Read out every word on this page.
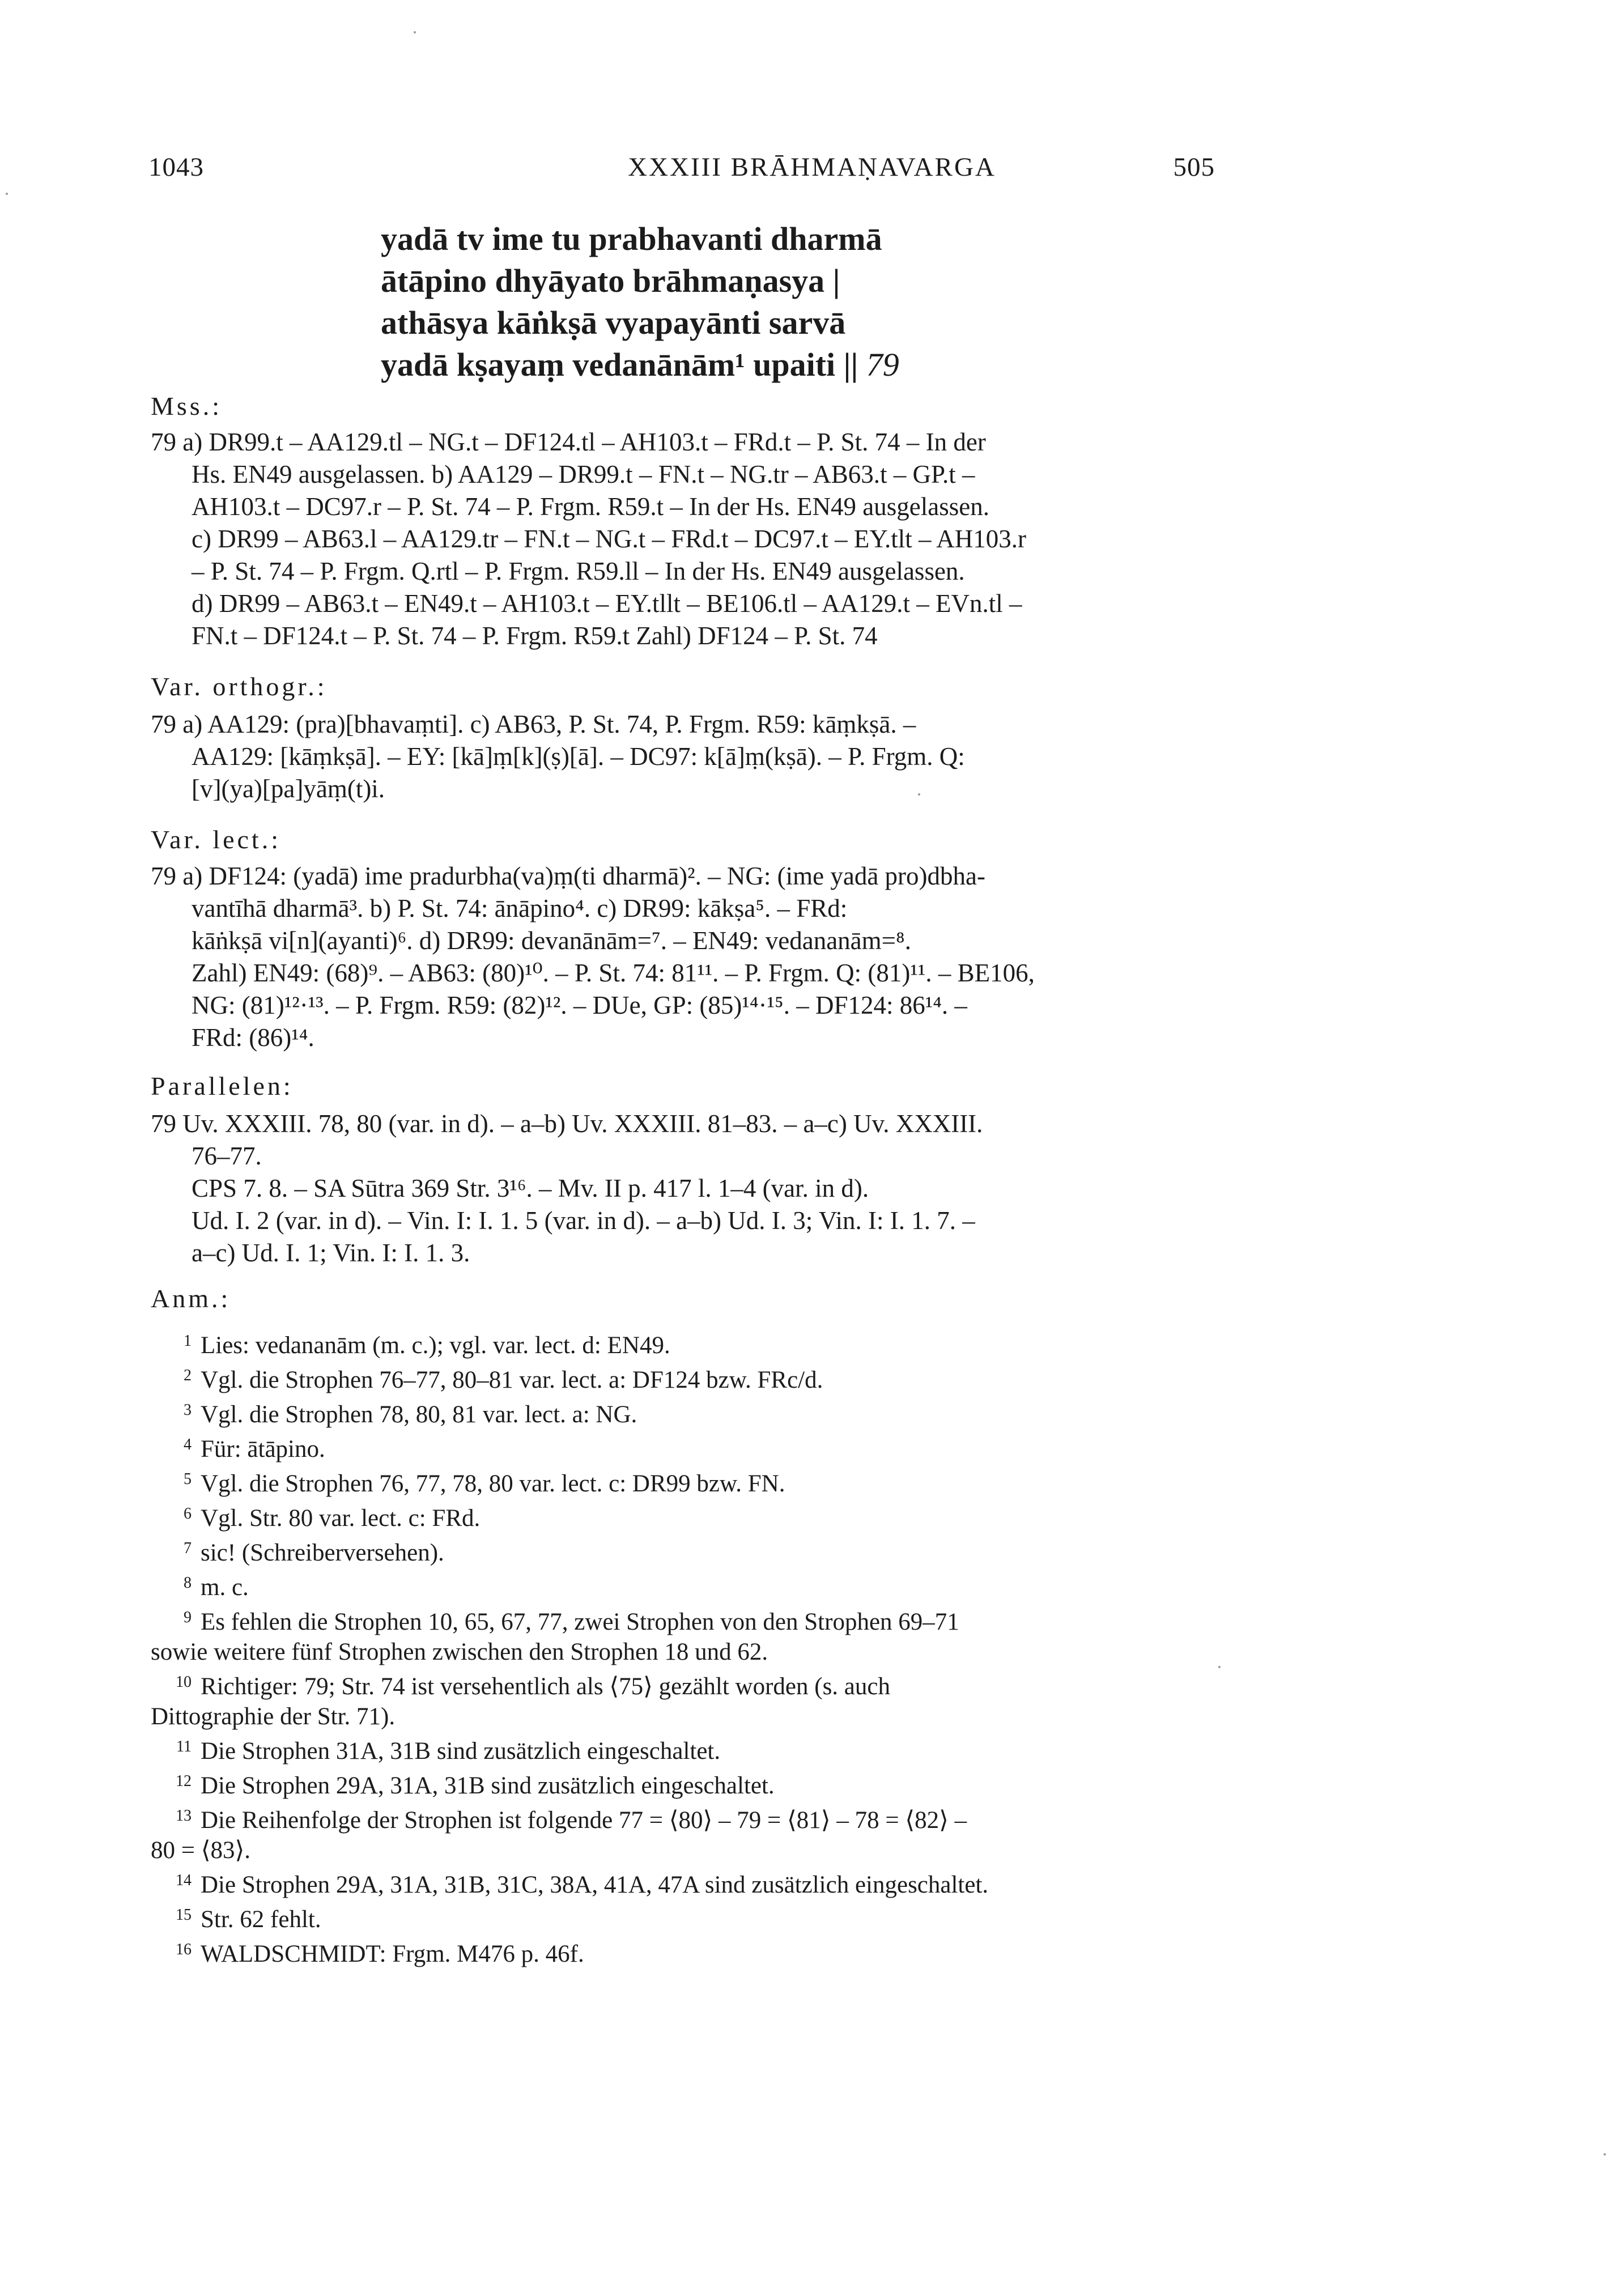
1043	XXXIII BRĀHMAṆAVARGA	505
yadā tv ime tu prabhavanti dharmā
ātāpino dhyāyato brāhmaṇasya |
athāsya kāṅkṣā vyapayānti sarvā
yadā kṣayaṃ vedanānām¹ upaiti || 79
Mss.:
79 a) DR99.t – AA129.tl – NG.t – DF124.tl – AH103.t – FRd.t – P. St. 74 – In der
Hs. EN49 ausgelassen. b) AA129 – DR99.t – FN.t – NG.tr – AB63.t – GP.t –
AH103.t – DC97.r – P. St. 74 – P. Frgm. R59.t – In der Hs. EN49 ausgelassen.
c) DR99 – AB63.l – AA129.tr – FN.t – NG.t – FRd.t – DC97.t – EY.tlt – AH103.r
– P. St. 74 – P. Frgm. Q.rtl – P. Frgm. R59.ll – In der Hs. EN49 ausgelassen.
d) DR99 – AB63.t – EN49.t – AH103.t – EY.tllt – BE106.tl – AA129.t – EVn.tl –
FN.t – DF124.t – P. St. 74 – P. Frgm. R59.t Zahl) DF124 – P. St. 74
Var. orthogr.:
79 a) AA129: (pra)[bhavaṃti]. c) AB63, P. St. 74, P. Frgm. R59: kāṃkṣā. –
AA129: [kāṃkṣā]. – EY: [kā]ṃ[k](ṣ)[ā]. – DC97: k[ā]ṃ(kṣā). – P. Frgm. Q:
[v](ya)[pa]yāṃ(t)i.
Var. lect.:
79 a) DF124: (yadā) ime pradurbha(va)ṃ(ti dharmā)². – NG: (ime yadā pro)dbha-
vantīhā dharmā³. b) P. St. 74: ānāpino⁴. c) DR99: kākṣa⁵. – FRd:
kāṅkṣā vi[n](ayanti)⁶. d) DR99: devanānām=⁷. – EN49: vedananām=⁸.
Zahl) EN49: (68)⁹. – AB63: (80)¹⁰. – P. St. 74: 81¹¹. – P. Frgm. Q: (81)¹¹. – BE106,
NG: (81)¹²·¹³. – P. Frgm. R59: (82)¹². – DUe, GP: (85)¹⁴·¹⁵. – DF124: 86¹⁴. –
FRd: (86)¹⁴.
Parallelen:
79 Uv. XXXIII. 78, 80 (var. in d). – a–b) Uv. XXXIII. 81–83. – a–c) Uv. XXXIII.
76–77.
CPS 7. 8. – SA Sūtra 369 Str. 3¹⁶. – Mv. II p. 417 l. 1–4 (var. in d).
Ud. I. 2 (var. in d). – Vin. I: I. 1. 5 (var. in d). – a–b) Ud. I. 3; Vin. I: I. 1. 7. –
a–c) Ud. I. 1; Vin. I: I. 1. 3.
Anm.:
1 Lies: vedananām (m. c.); vgl. var. lect. d: EN49.
2 Vgl. die Strophen 76–77, 80–81 var. lect. a: DF124 bzw. FRc/d.
3 Vgl. die Strophen 78, 80, 81 var. lect. a: NG.
4 Für: ātāpino.
5 Vgl. die Strophen 76, 77, 78, 80 var. lect. c: DR99 bzw. FN.
6 Vgl. Str. 80 var. lect. c: FRd.
7 sic! (Schreiberversehen).
8 m. c.
9 Es fehlen die Strophen 10, 65, 67, 77, zwei Strophen von den Strophen 69–71
sowie weitere fünf Strophen zwischen den Strophen 18 und 62.
10 Richtiger: 79; Str. 74 ist versehentlich als ⟨75⟩ gezählt worden (s. auch
Dittographie der Str. 71).
11 Die Strophen 31A, 31B sind zusätzlich eingeschaltet.
12 Die Strophen 29A, 31A, 31B sind zusätzlich eingeschaltet.
13 Die Reihenfolge der Strophen ist folgende 77 = ⟨80⟩ – 79 = ⟨81⟩ – 78 = ⟨82⟩ –
80 = ⟨83⟩.
14 Die Strophen 29A, 31A, 31B, 31C, 38A, 41A, 47A sind zusätzlich eingeschaltet.
15 Str. 62 fehlt.
16 WALDSCHMIDT: Frgm. M476 p. 46f.
